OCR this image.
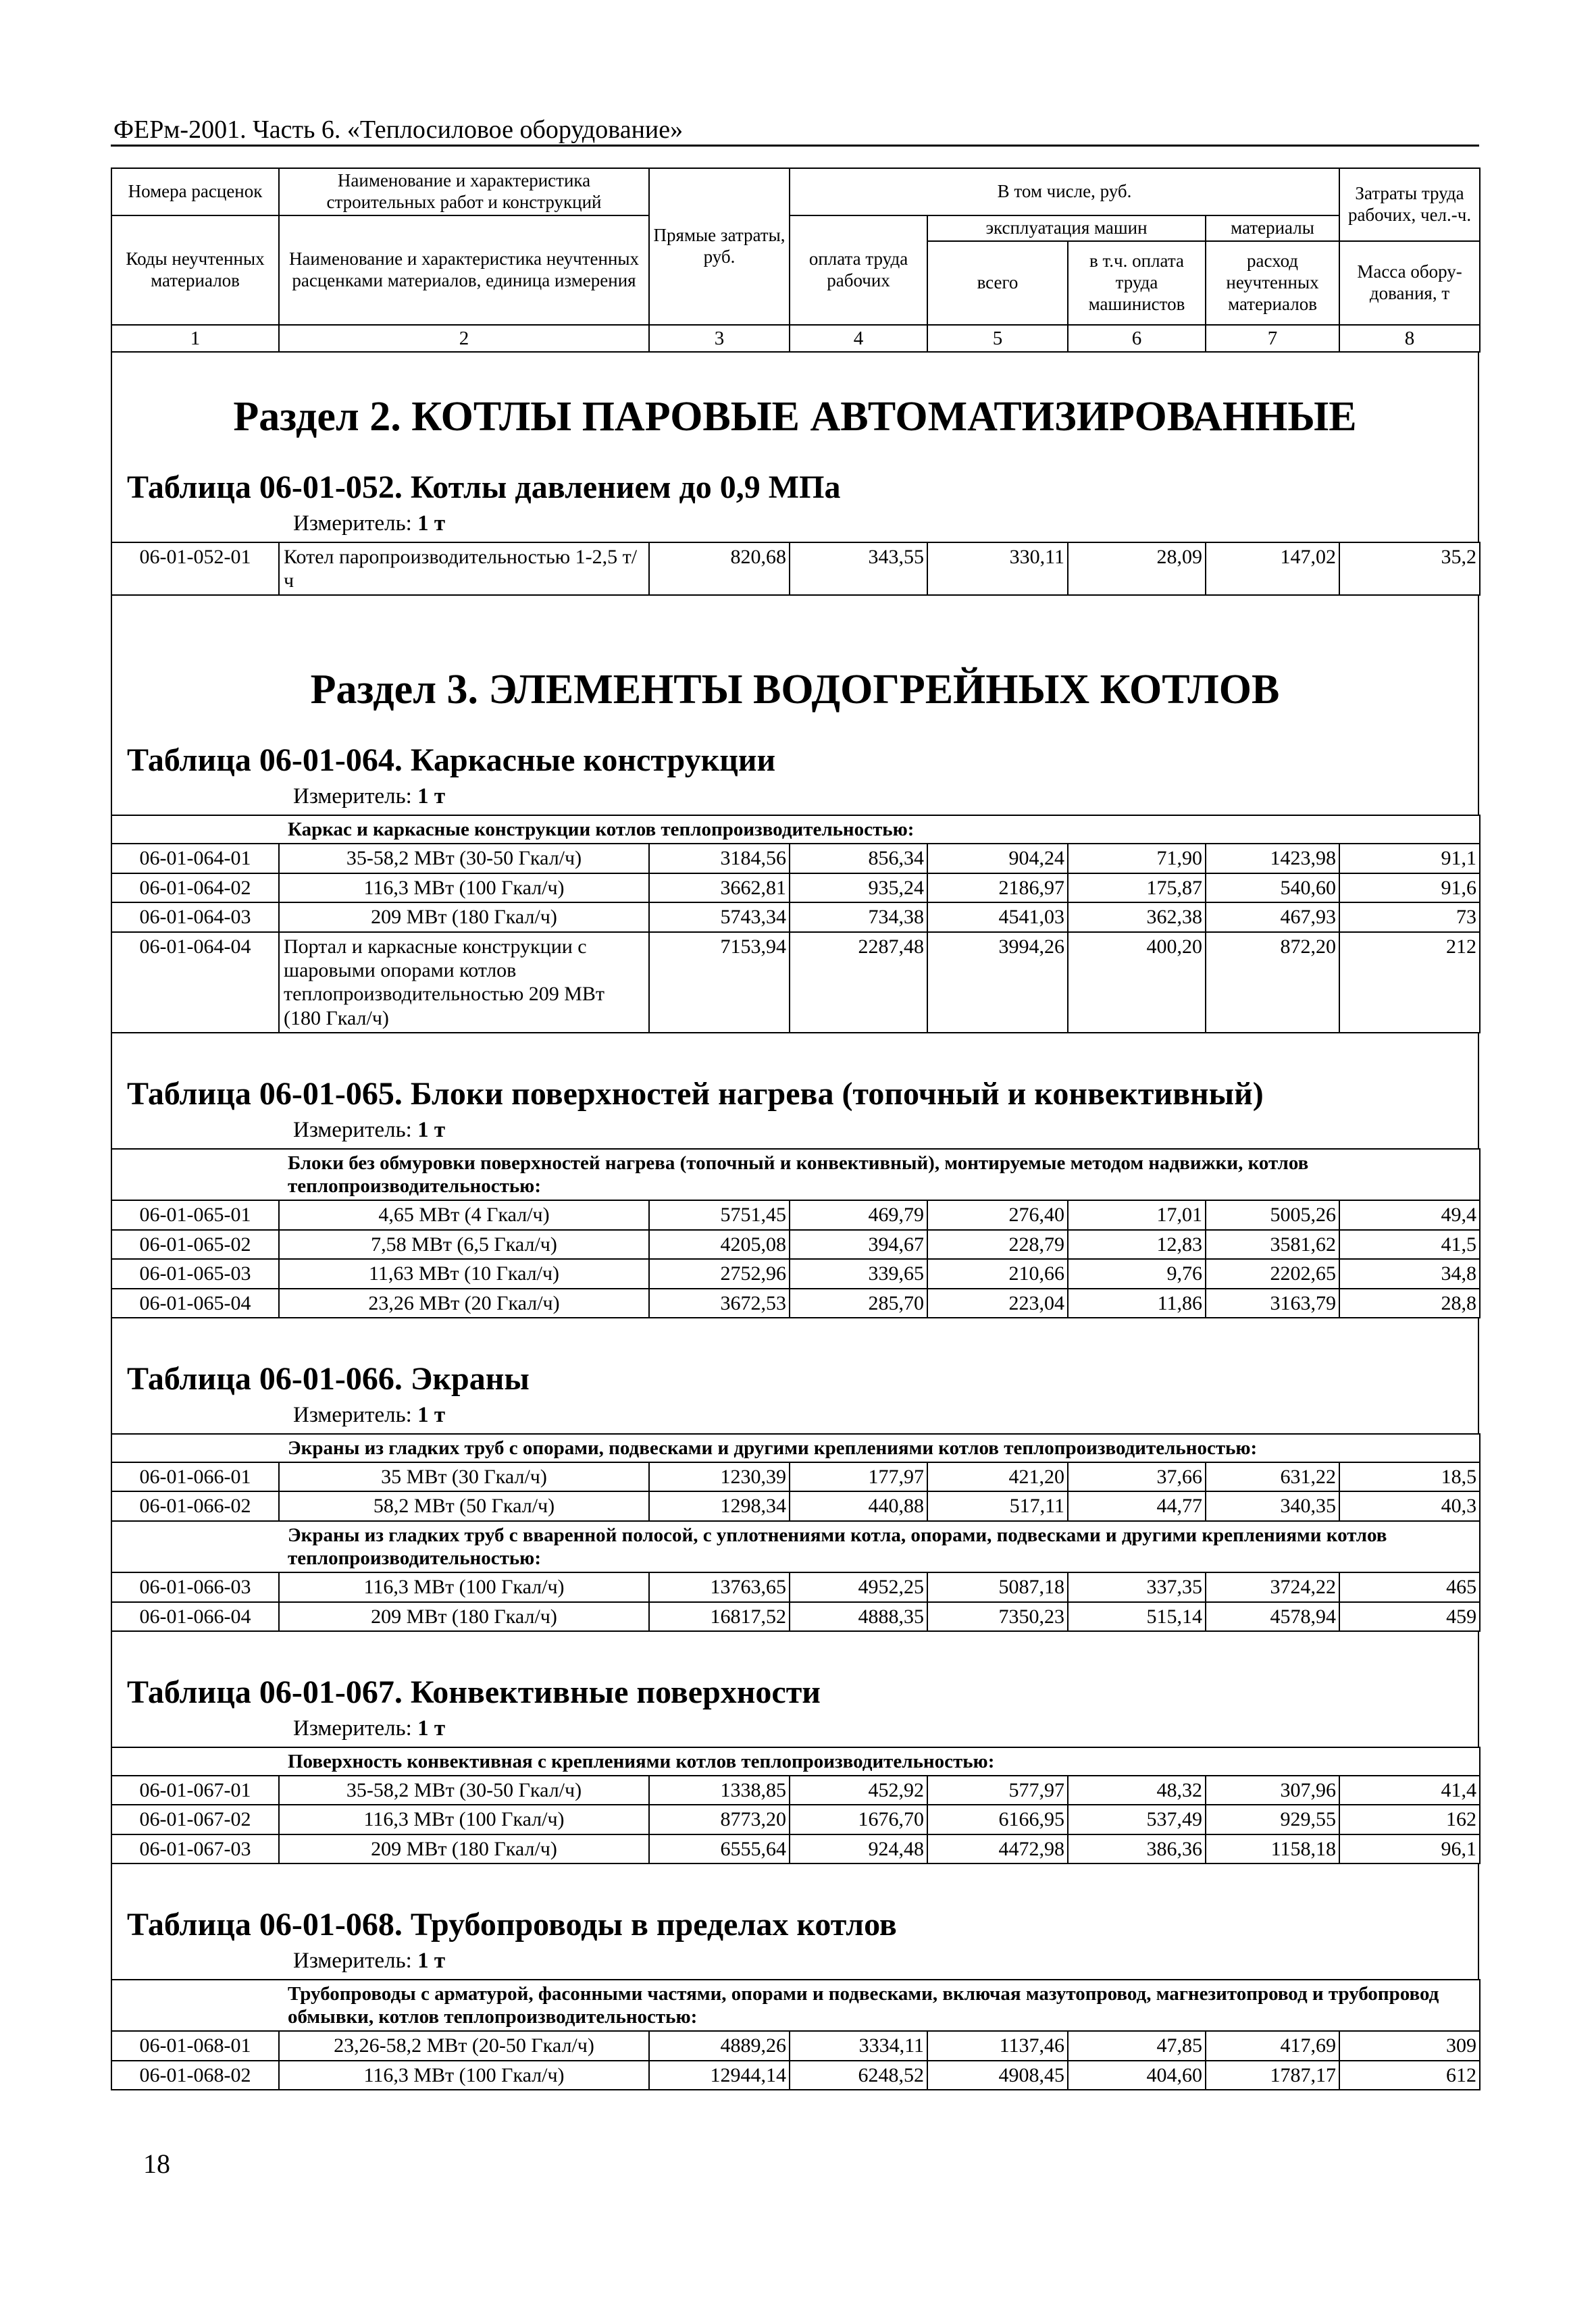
ФЕРм-2001. Часть 6. «Теплосиловое оборудование»
Номера расценок	Наименование и характеристика строительных работ и конструкций	Прямые затраты, руб.	В том числе, руб.				Затраты труда рабочих, чел.-ч.
Коды неучтенных материалов	Наименование и характеристика неучтенных расценками материалов, единица измерения		оплата труда рабочих	эксплуатация машин		материалы	
				всего	в т.ч. оплата труда машинистов	расход неучтенных материалов	Масса обору-дования, т
1	2	3	4	5	6	7	8
Раздел 2. КОТЛЫ ПАРОВЫЕ АВТОМАТИЗИРОВАННЫЕ
Таблица 06-01-052. Котлы давлением до 0,9 МПа
Измеритель: 1 т
06-01-052-01	Котел паропроизводительностью 1-2,5 т/ч	820,68	343,55	330,11	28,09	147,02	35,2
Раздел 3. ЭЛЕМЕНТЫ ВОДОГРЕЙНЫХ КОТЛОВ
Таблица 06-01-064. Каркасные конструкции
Измеритель: 1 т
Каркас и каркасные конструкции котлов теплопроизводительностью:							
06-01-064-01	35-58,2 МВт (30-50 Гкал/ч)	3184,56	856,34	904,24	71,90	1423,98	91,1
06-01-064-02	116,3 МВт (100 Гкал/ч)	3662,81	935,24	2186,97	175,87	540,60	91,6
06-01-064-03	209 МВт (180 Гкал/ч)	5743,34	734,38	4541,03	362,38	467,93	73
06-01-064-04	Портал и каркасные конструкции с шаровыми опорами котлов теплопроизводительностью 209 МВт (180 Гкал/ч)	7153,94	2287,48	3994,26	400,20	872,20	212
Таблица 06-01-065. Блоки поверхностей нагрева (топочный и конвективный)
Измеритель: 1 т
Блоки без обмуровки поверхностей нагрева (топочный и конвективный), монтируемые методом надвижки, котлов теплопроизводительностью:							
06-01-065-01	4,65 МВт (4 Гкал/ч)	5751,45	469,79	276,40	17,01	5005,26	49,4
06-01-065-02	7,58 МВт (6,5 Гкал/ч)	4205,08	394,67	228,79	12,83	3581,62	41,5
06-01-065-03	11,63 МВт (10 Гкал/ч)	2752,96	339,65	210,66	9,76	2202,65	34,8
06-01-065-04	23,26 МВт (20 Гкал/ч)	3672,53	285,70	223,04	11,86	3163,79	28,8
Таблица 06-01-066. Экраны
Измеритель: 1 т
Экраны из гладких труб с опорами, подвесками и другими креплениями котлов теплопроизводительностью:							
06-01-066-01	35 МВт (30 Гкал/ч)	1230,39	177,97	421,20	37,66	631,22	18,5
06-01-066-02	58,2 МВт (50 Гкал/ч)	1298,34	440,88	517,11	44,77	340,35	40,3
Экраны из гладких труб с вваренной полосой, с уплотнениями котла, опорами, подвесками и другими креплениями котлов теплопроизводительностью:							
06-01-066-03	116,3 МВт (100 Гкал/ч)	13763,65	4952,25	5087,18	337,35	3724,22	465
06-01-066-04	209 МВт (180 Гкал/ч)	16817,52	4888,35	7350,23	515,14	4578,94	459
Таблица 06-01-067. Конвективные поверхности
Измеритель: 1 т
Поверхность конвективная с креплениями котлов теплопроизводительностью:							
06-01-067-01	35-58,2 МВт (30-50 Гкал/ч)	1338,85	452,92	577,97	48,32	307,96	41,4
06-01-067-02	116,3 МВт (100 Гкал/ч)	8773,20	1676,70	6166,95	537,49	929,55	162
06-01-067-03	209 МВт (180 Гкал/ч)	6555,64	924,48	4472,98	386,36	1158,18	96,1
Таблица 06-01-068. Трубопроводы в пределах котлов
Измеритель: 1 т
Трубопроводы с арматурой, фасонными частями, опорами и подвесками, включая мазутопровод, магнезитопровод и трубопровод обмывки, котлов теплопроизводительностью:							
06-01-068-01	23,26-58,2 МВт (20-50 Гкал/ч)	4889,26	3334,11	1137,46	47,85	417,69	309
06-01-068-02	116,3 МВт (100 Гкал/ч)	12944,14	6248,52	4908,45	404,60	1787,17	612
18
